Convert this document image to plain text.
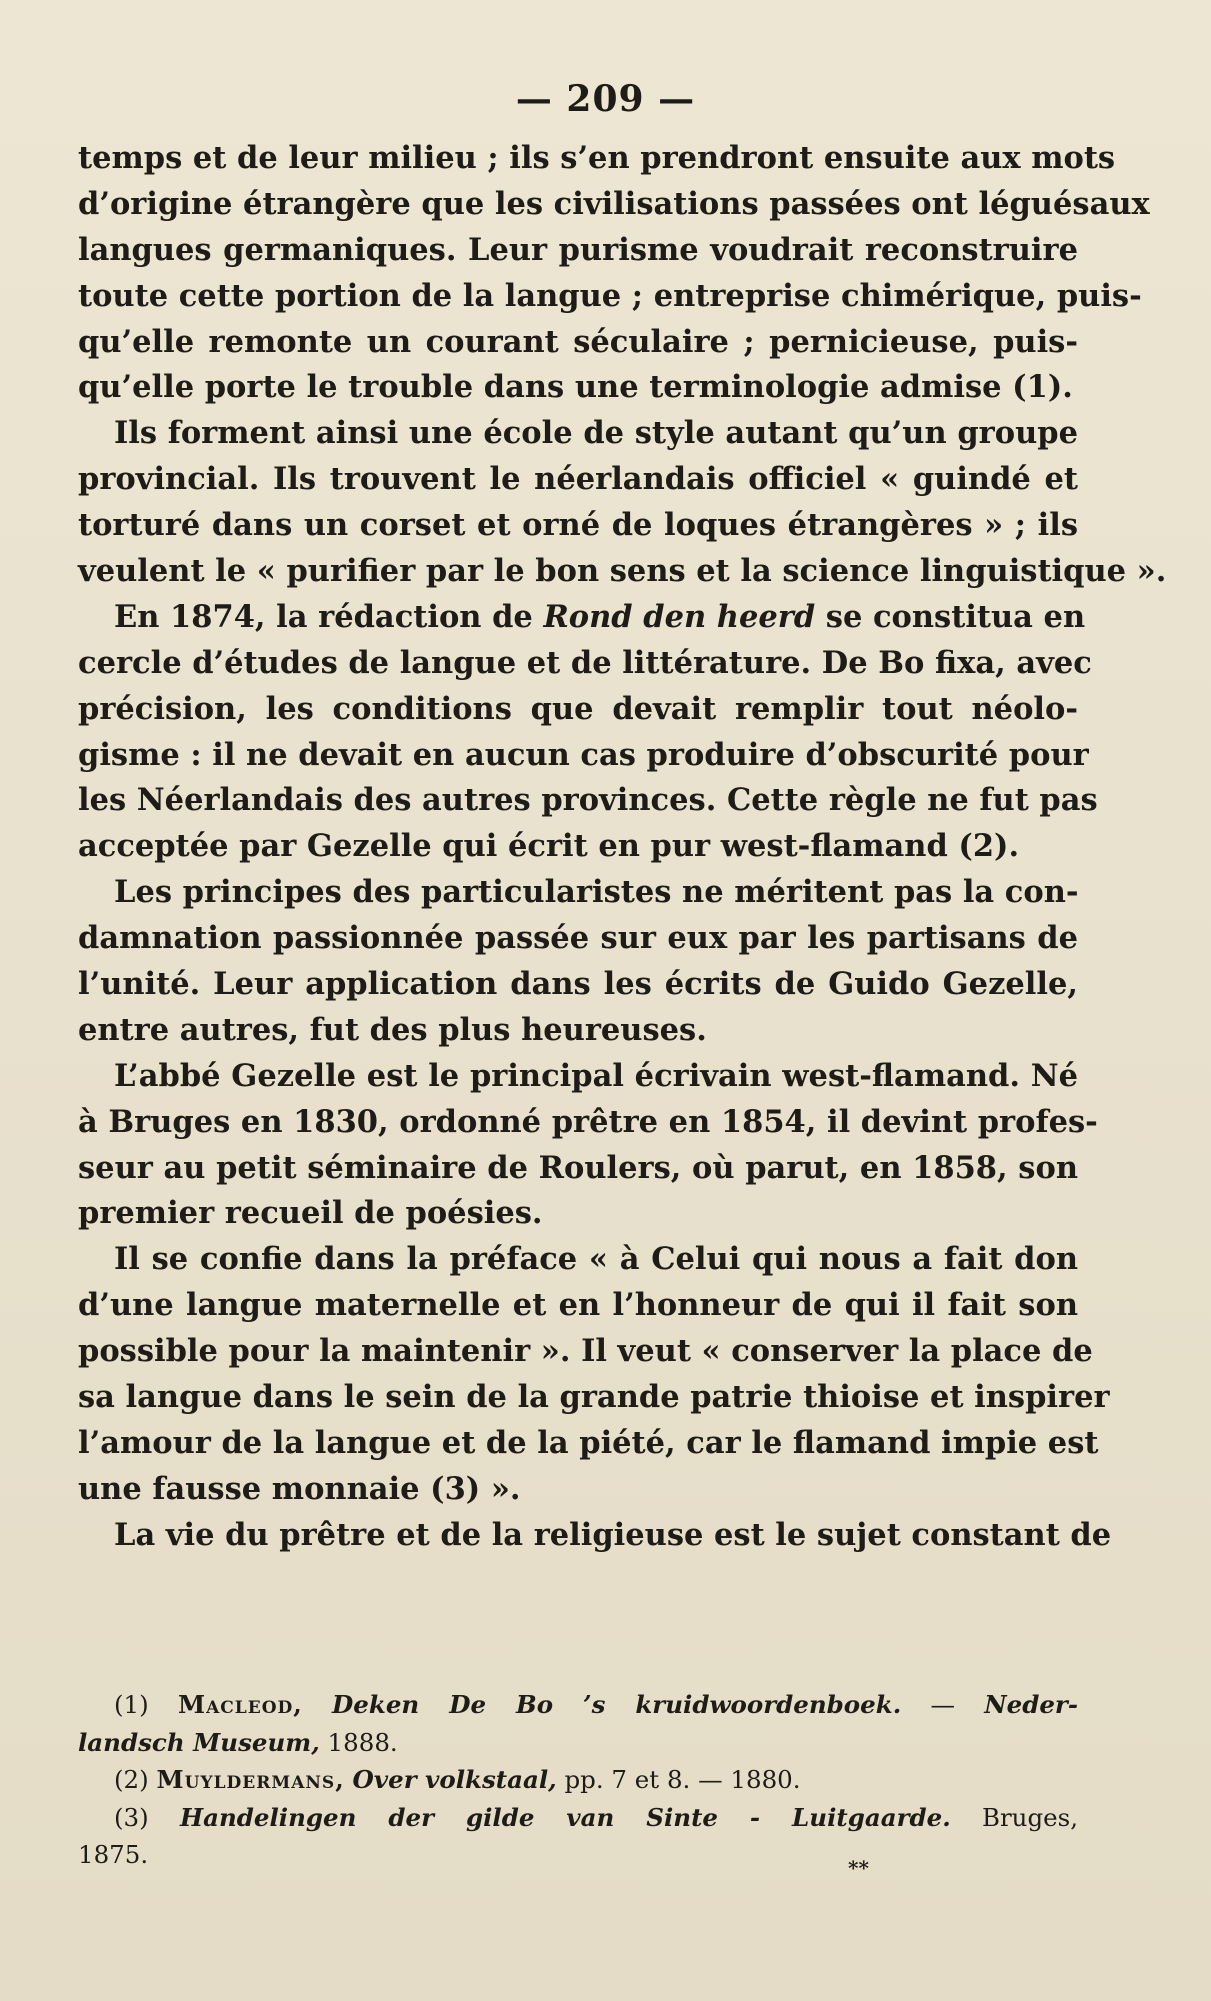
— 209 —
temps et de leur milieu ; ils s’en prendront ensuite aux mots
d’origine étrangère que les civilisations passées ont léguésaux
langues germaniques. Leur purisme voudrait reconstruire
toute cette portion de la langue ; entreprise chimérique, puis-
qu’elle remonte un courant séculaire ; pernicieuse, puis-
qu’elle porte le trouble dans une terminologie admise (1).
Ils forment ainsi une école de style autant qu’un groupe
provincial. Ils trouvent le néerlandais officiel « guindé et
torturé dans un corset et orné de loques étrangères » ; ils
veulent le « purifier par le bon sens et la science linguistique ».
En 1874, la rédaction de Rond den heerd se constitua en
cercle d’études de langue et de littérature. De Bo fixa, avec
précision, les conditions que devait remplir tout néolo-
gisme : il ne devait en aucun cas produire d’obscurité pour
les Néerlandais des autres provinces. Cette règle ne fut pas
acceptée par Gezelle qui écrit en pur west-flamand (2).
Les principes des particularistes ne méritent pas la con-
damnation passionnée passée sur eux par les partisans de
l’unité. Leur application dans les écrits de Guido Gezelle,
entre autres, fut des plus heureuses.
L’abbé Gezelle est le principal écrivain west-flamand. Né
à Bruges en 1830, ordonné prêtre en 1854, il devint profes-
seur au petit séminaire de Roulers, où parut, en 1858, son
premier recueil de poésies.
Il se confie dans la préface « à Celui qui nous a fait don
d’une langue maternelle et en l’honneur de qui il fait son
possible pour la maintenir ». Il veut « conserver la place de
sa langue dans le sein de la grande patrie thioise et inspirer
l’amour de la langue et de la piété, car le flamand impie est
une fausse monnaie (3) ».
La vie du prêtre et de la religieuse est le sujet constant de
(1) Macleod, Deken De Bo ’s kruidwoordenboek. — Neder-
landsch Museum, 1888.
(2) Muyldermans, Over volkstaal, pp. 7 et 8. — 1880.
(3) Handelingen der gilde van Sinte - Luitgaarde. Bruges,
1875.	**
